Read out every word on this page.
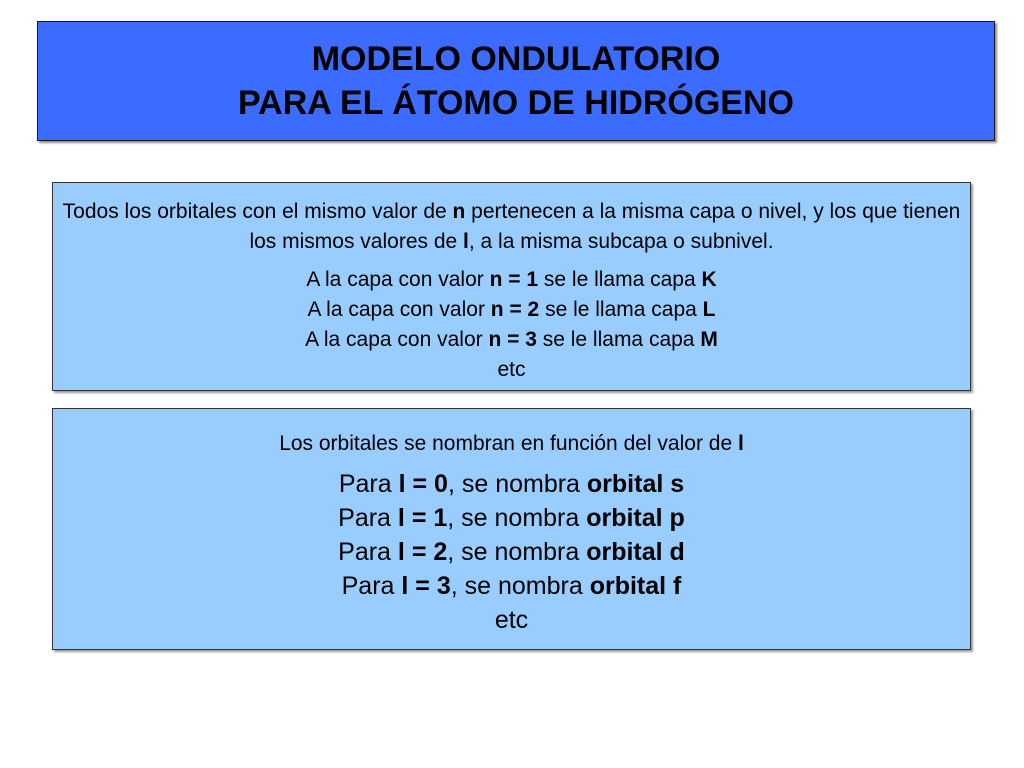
MODELO ONDULATORIO
PARA EL ÁTOMO DE HIDRÓGENO

Todos los orbitales con el mismo valor de n pertenecen a la misma capa o nivel, y los que tienen los mismos valores de l, a la misma subcapa o subnivel.

A la capa con valor n = 1 se le llama capa K
A la capa con valor n = 2 se le llama capa L
A la capa con valor n = 3 se le llama capa M
etc

Los orbitales se nombran en función del valor de l

Para l = 0, se nombra orbital s
Para l = 1, se nombra orbital p
Para l = 2, se nombra orbital d
Para l = 3, se nombra orbital f
etc
